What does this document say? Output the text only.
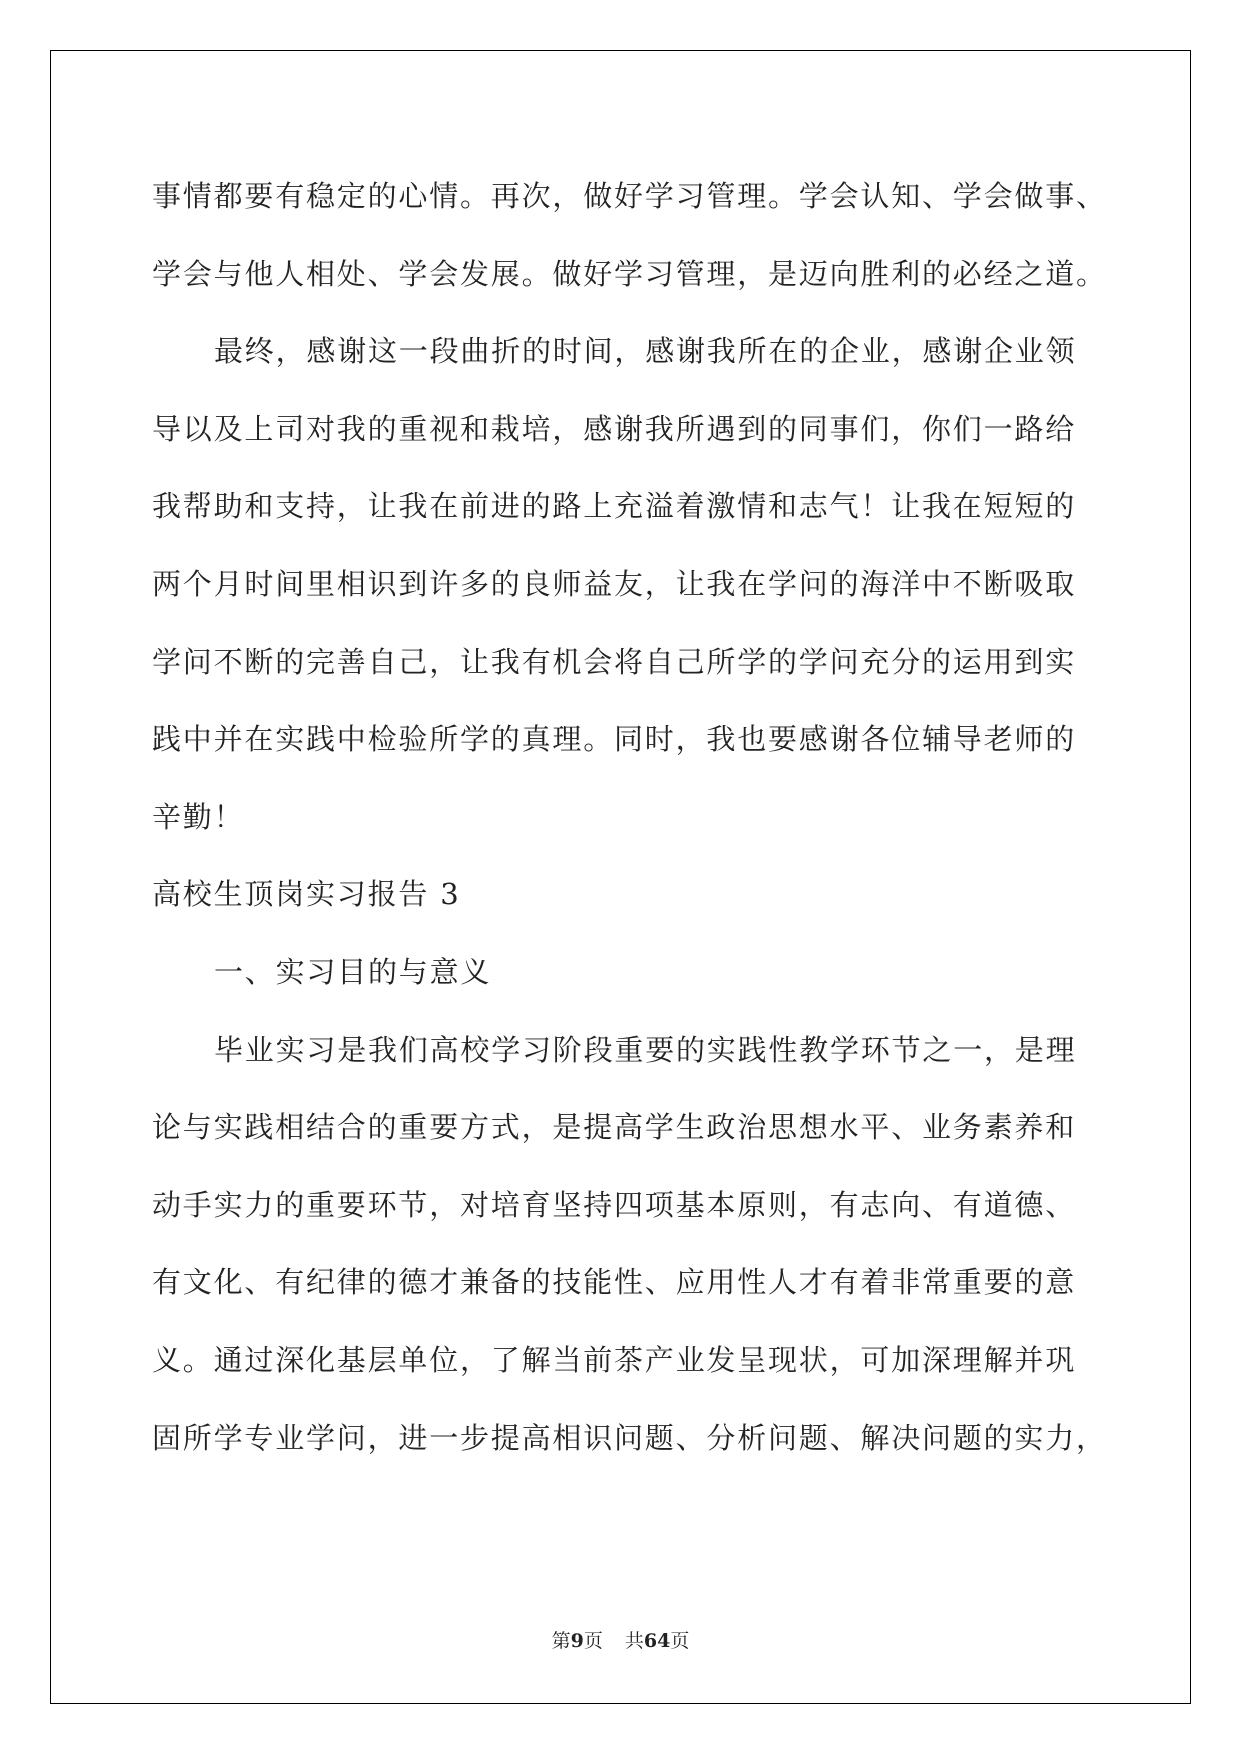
事情都要有稳定的心情。再次，做好学习管理。学会认知、学会做事、
学会与他人相处、学会发展。做好学习管理，是迈向胜利的必经之道。
最终，感谢这一段曲折的时间，感谢我所在的企业，感谢企业领
导以及上司对我的重视和栽培，感谢我所遇到的同事们，你们一路给
我帮助和支持，让我在前进的路上充溢着激情和志气！让我在短短的
两个月时间里相识到许多的良师益友，让我在学问的海洋中不断吸取
学问不断的完善自己，让我有机会将自己所学的学问充分的运用到实
践中并在实践中检验所学的真理。同时，我也要感谢各位辅导老师的
辛勤！
高校生顶岗实习报告 3
一、实习目的与意义
毕业实习是我们高校学习阶段重要的实践性教学环节之一，是理
论与实践相结合的重要方式，是提高学生政治思想水平、业务素养和
动手实力的重要环节，对培育坚持四项基本原则，有志向、有道德、
有文化、有纪律的德才兼备的技能性、应用性人才有着非常重要的意
义。通过深化基层单位，了解当前茶产业发呈现状，可加深理解并巩
固所学专业学问，进一步提高相识问题、分析问题、解决问题的实力，
第9页 共64页
